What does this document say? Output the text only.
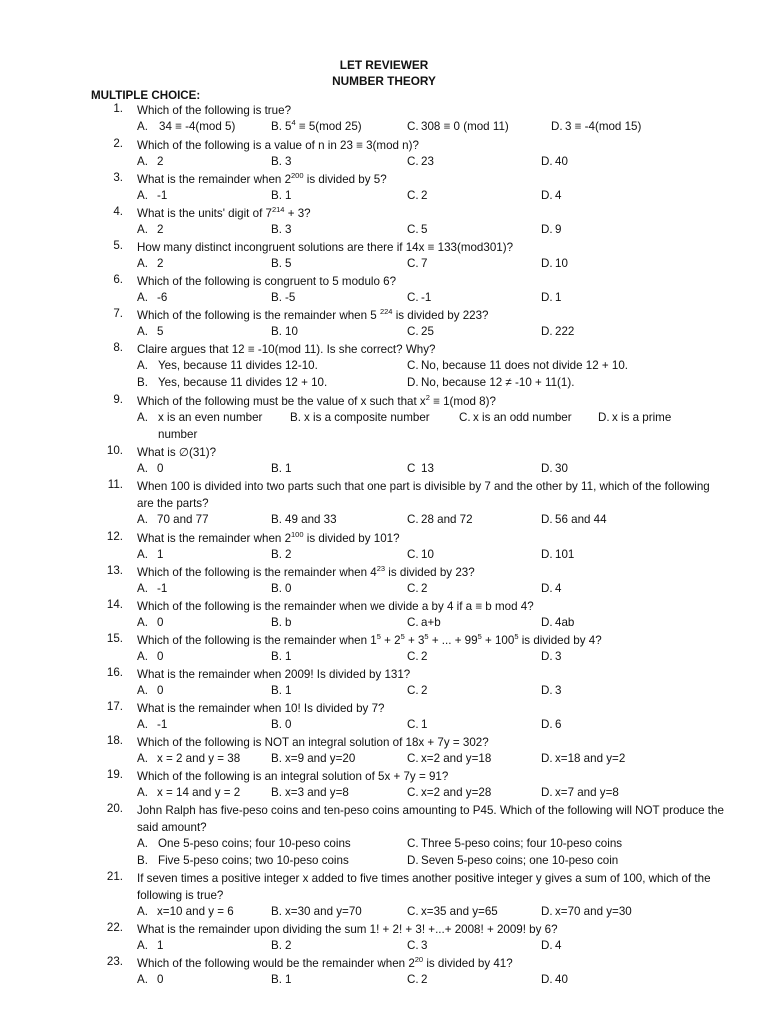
LET REVIEWER
NUMBER THEORY
MULTIPLE CHOICE:
1. Which of the following is true?
A. 34 ≡ -4(mod 5)	B. $5^4 \equiv 5(mod$ 25)	C. 308 ≡ 0 (mod 11)	D. 3 ≡ -4(mod 15)
2. Which of the following is a value of n in 23 ≡ 3(mod n)?
A. 2	B. 3	C. 23	D. 40
3. What is the remainder when $2^{200}$ is divided by 5?
A. -1	B. 1	C. 2	D. 4
4. What is the units' digit of $7^{214} + 3$?
A. 2	B. 3	C. 5	D. 9
5. How many distinct incongruent solutions are there if 14x ≡ 133(mod301)?
A. 2	B. 5	C. 7	D. 10
6. Which of the following is congruent to 5 modulo 6?
A. -6	B. -5	C. -1	D. 1
7. Which of the following is the remainder when 5 $^{224}$ is divided by 223?
A. 5	B. 10	C. 25	D. 222
8. Claire argues that 12 ≡ -10(mod 11). Is she correct? Why?
A. Yes, because 11 divides 12-10.	C. No, because 11 does not divide 12 + 10.
B. Yes, because 11 divides 12 + 10.	D. No, because 12 ≠ -10 + 11(1).
9. Which of the following must be the value of x such that $x^2 \equiv 1(mod$ 8)?
A. x is an even number B. x is a composite number	C. x is an odd number D. x is a prime
number
10. What is ∅(31)?
A. 0	B. 1	C 13	D. 30
11. When 100 is divided into two parts such that one part is divisible by 7 and the other by 11, which of the following are the parts?
A. 70 and 77	B. 49 and 33	C. 28 and 72	D. 56 and 44
12. What is the remainder when $2^{100}$ is divided by 101?
A. 1	B. 2	C. 10	D. 101
13. Which of the following is the remainder when $4^{23}$ is divided by 23?
A. -1	B. 0	C. 2	D. 4
14. Which of the following is the remainder when we divide a by 4 if a ≡ b mod 4?
A. 0	B. b	C. a+b	D. 4ab
15. Which of the following is the remainder when $1^5 + 2^5 + 3^5$ + ... + $99^5 + 100^5$ is divided by 4?
A. 0	B. 1	C. 2	D. 3
16. What is the remainder when 2009! Is divided by 131?
A. 0	B. 1	C. 2	D. 3
17. What is the remainder when 10! Is divided by 7?
A. -1	B. 0	C. 1	D. 6
18. Which of the following is NOT an integral solution of 18x + 7y = 302?
A. x = 2 and y = 38	B. x=9 and y=20	C. x=2 and y=18	D. x=18 and y=2
19. Which of the following is an integral solution of 5x + 7y = 91?
A. x = 14 and y = 2	B. x=3 and y=8	C. x=2 and y=28	D. x=7 and y=8
20. John Ralph has five-peso coins and ten-peso coins amounting to P45. Which of the following will NOT produce the said amount?
A. One 5-peso coins; four 10-peso coins	C. Three 5-peso coins; four 10-peso coins
B. Five 5-peso coins; two 10-peso coins	D. Seven 5-peso coins; one 10-peso coin
21. If seven times a positive integer x added to five times another positive integer y gives a sum of 100, which of the following is true?
A. x=10 and y = 6	B. x=30 and y=70	C. x=35 and y=65	D. x=70 and y=30
22. What is the remainder upon dividing the sum 1! + 2! + 3! +...+ 2008! + 2009! by 6?
A. 1	B. 2	C. 3	D. 4
23. Which of the following would be the remainder when $2^{20}$ is divided by 41?
A. 0	B. 1	C. 2	D. 40
